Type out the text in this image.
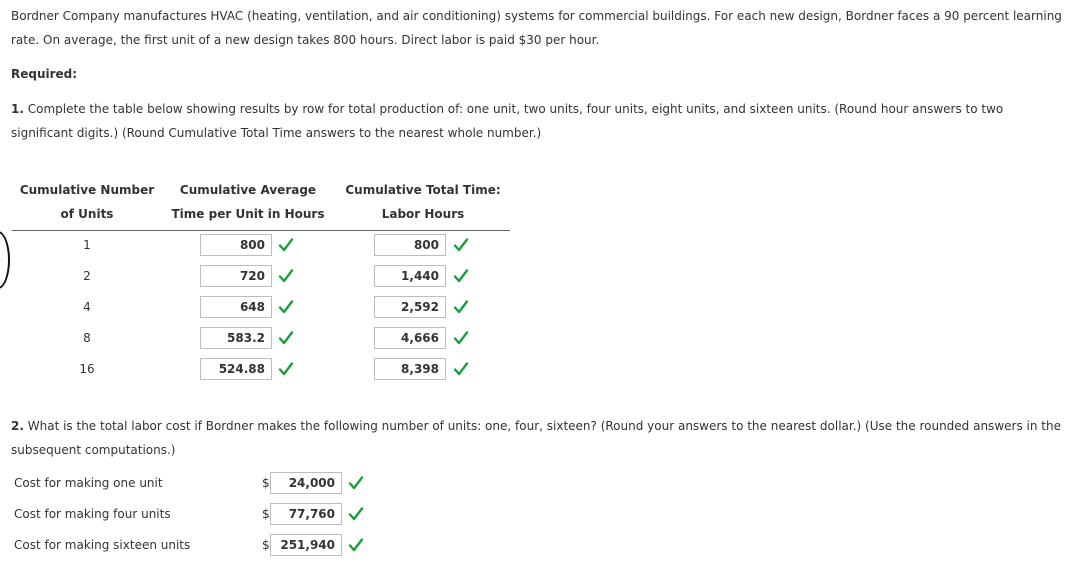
Bordner Company manufactures HVAC (heating, ventilation, and air conditioning) systems for commercial buildings. For each new design, Bordner faces a 90 percent learning rate. On average, the first unit of a new design takes 800 hours. Direct labor is paid $30 per hour.

Required:

1. Complete the table below showing results by row for total production of: one unit, two units, four units, eight units, and sixteen units. (Round hour answers to two significant digits.) (Round Cumulative Total Time answers to the nearest whole number.)

Cumulative Number
of Units
Cumulative Average
Time per Unit in Hours
Cumulative Total Time:
Labor Hours
1	800	800
2	720	1,440
4	648	2,592
8	583.2	4,666
16	524.88	8,398

2. What is the total labor cost if Bordner makes the following number of units: one, four, sixteen? (Round your answers to the nearest dollar.) (Use the rounded answers in the subsequent computations.)

Cost for making one unit	$	24,000
Cost for making four units	$	77,760
Cost for making sixteen units	$ 251,940
